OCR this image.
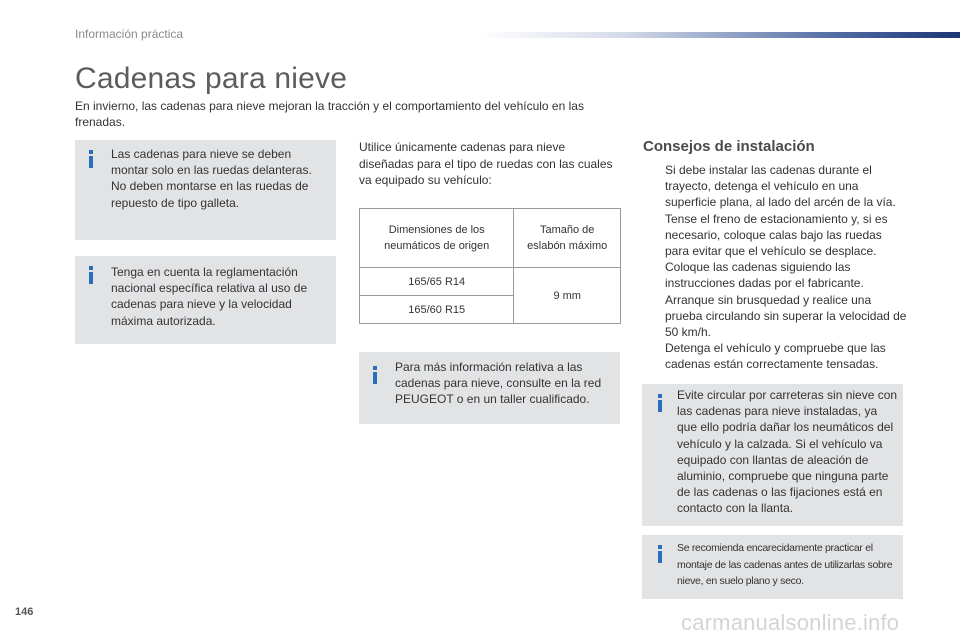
Información práctica
Cadenas para nieve

En invierno, las cadenas para nieve mejoran la tracción y el comportamiento del vehículo en las frenadas.

Las cadenas para nieve se deben montar solo en las ruedas delanteras. No deben montarse en las ruedas de repuesto de tipo galleta.

Tenga en cuenta la reglamentación nacional específica relativa al uso de cadenas para nieve y la velocidad máxima autorizada.

Utilice únicamente cadenas para nieve diseñadas para el tipo de ruedas con las cuales va equipado su vehículo:

Dimensiones de los neumáticos de origen	Tamaño de eslabón máximo
165/65 R14	9 mm
165/60 R15	

Para más información relativa a las cadenas para nieve, consulte en la red PEUGEOT o en un taller cualificado.

Consejos de instalación
Si debe instalar las cadenas durante el trayecto, detenga el vehículo en una superficie plana, al lado del arcén de la vía.
Tense el freno de estacionamiento y, si es necesario, coloque calas bajo las ruedas para evitar que el vehículo se desplace.
Coloque las cadenas siguiendo las instrucciones dadas por el fabricante.
Arranque sin brusquedad y realice una prueba circulando sin superar la velocidad de 50 km/h.
Detenga el vehículo y compruebe que las cadenas están correctamente tensadas.

Evite circular por carreteras sin nieve con las cadenas para nieve instaladas, ya que ello podría dañar los neumáticos del vehículo y la calzada. Si el vehículo va equipado con llantas de aleación de aluminio, compruebe que ninguna parte de las cadenas o las fijaciones está en contacto con la llanta.

Se recomienda encarecidamente practicar el montaje de las cadenas antes de utilizarlas sobre nieve, en suelo plano y seco.

146	carmanualsonline.info
